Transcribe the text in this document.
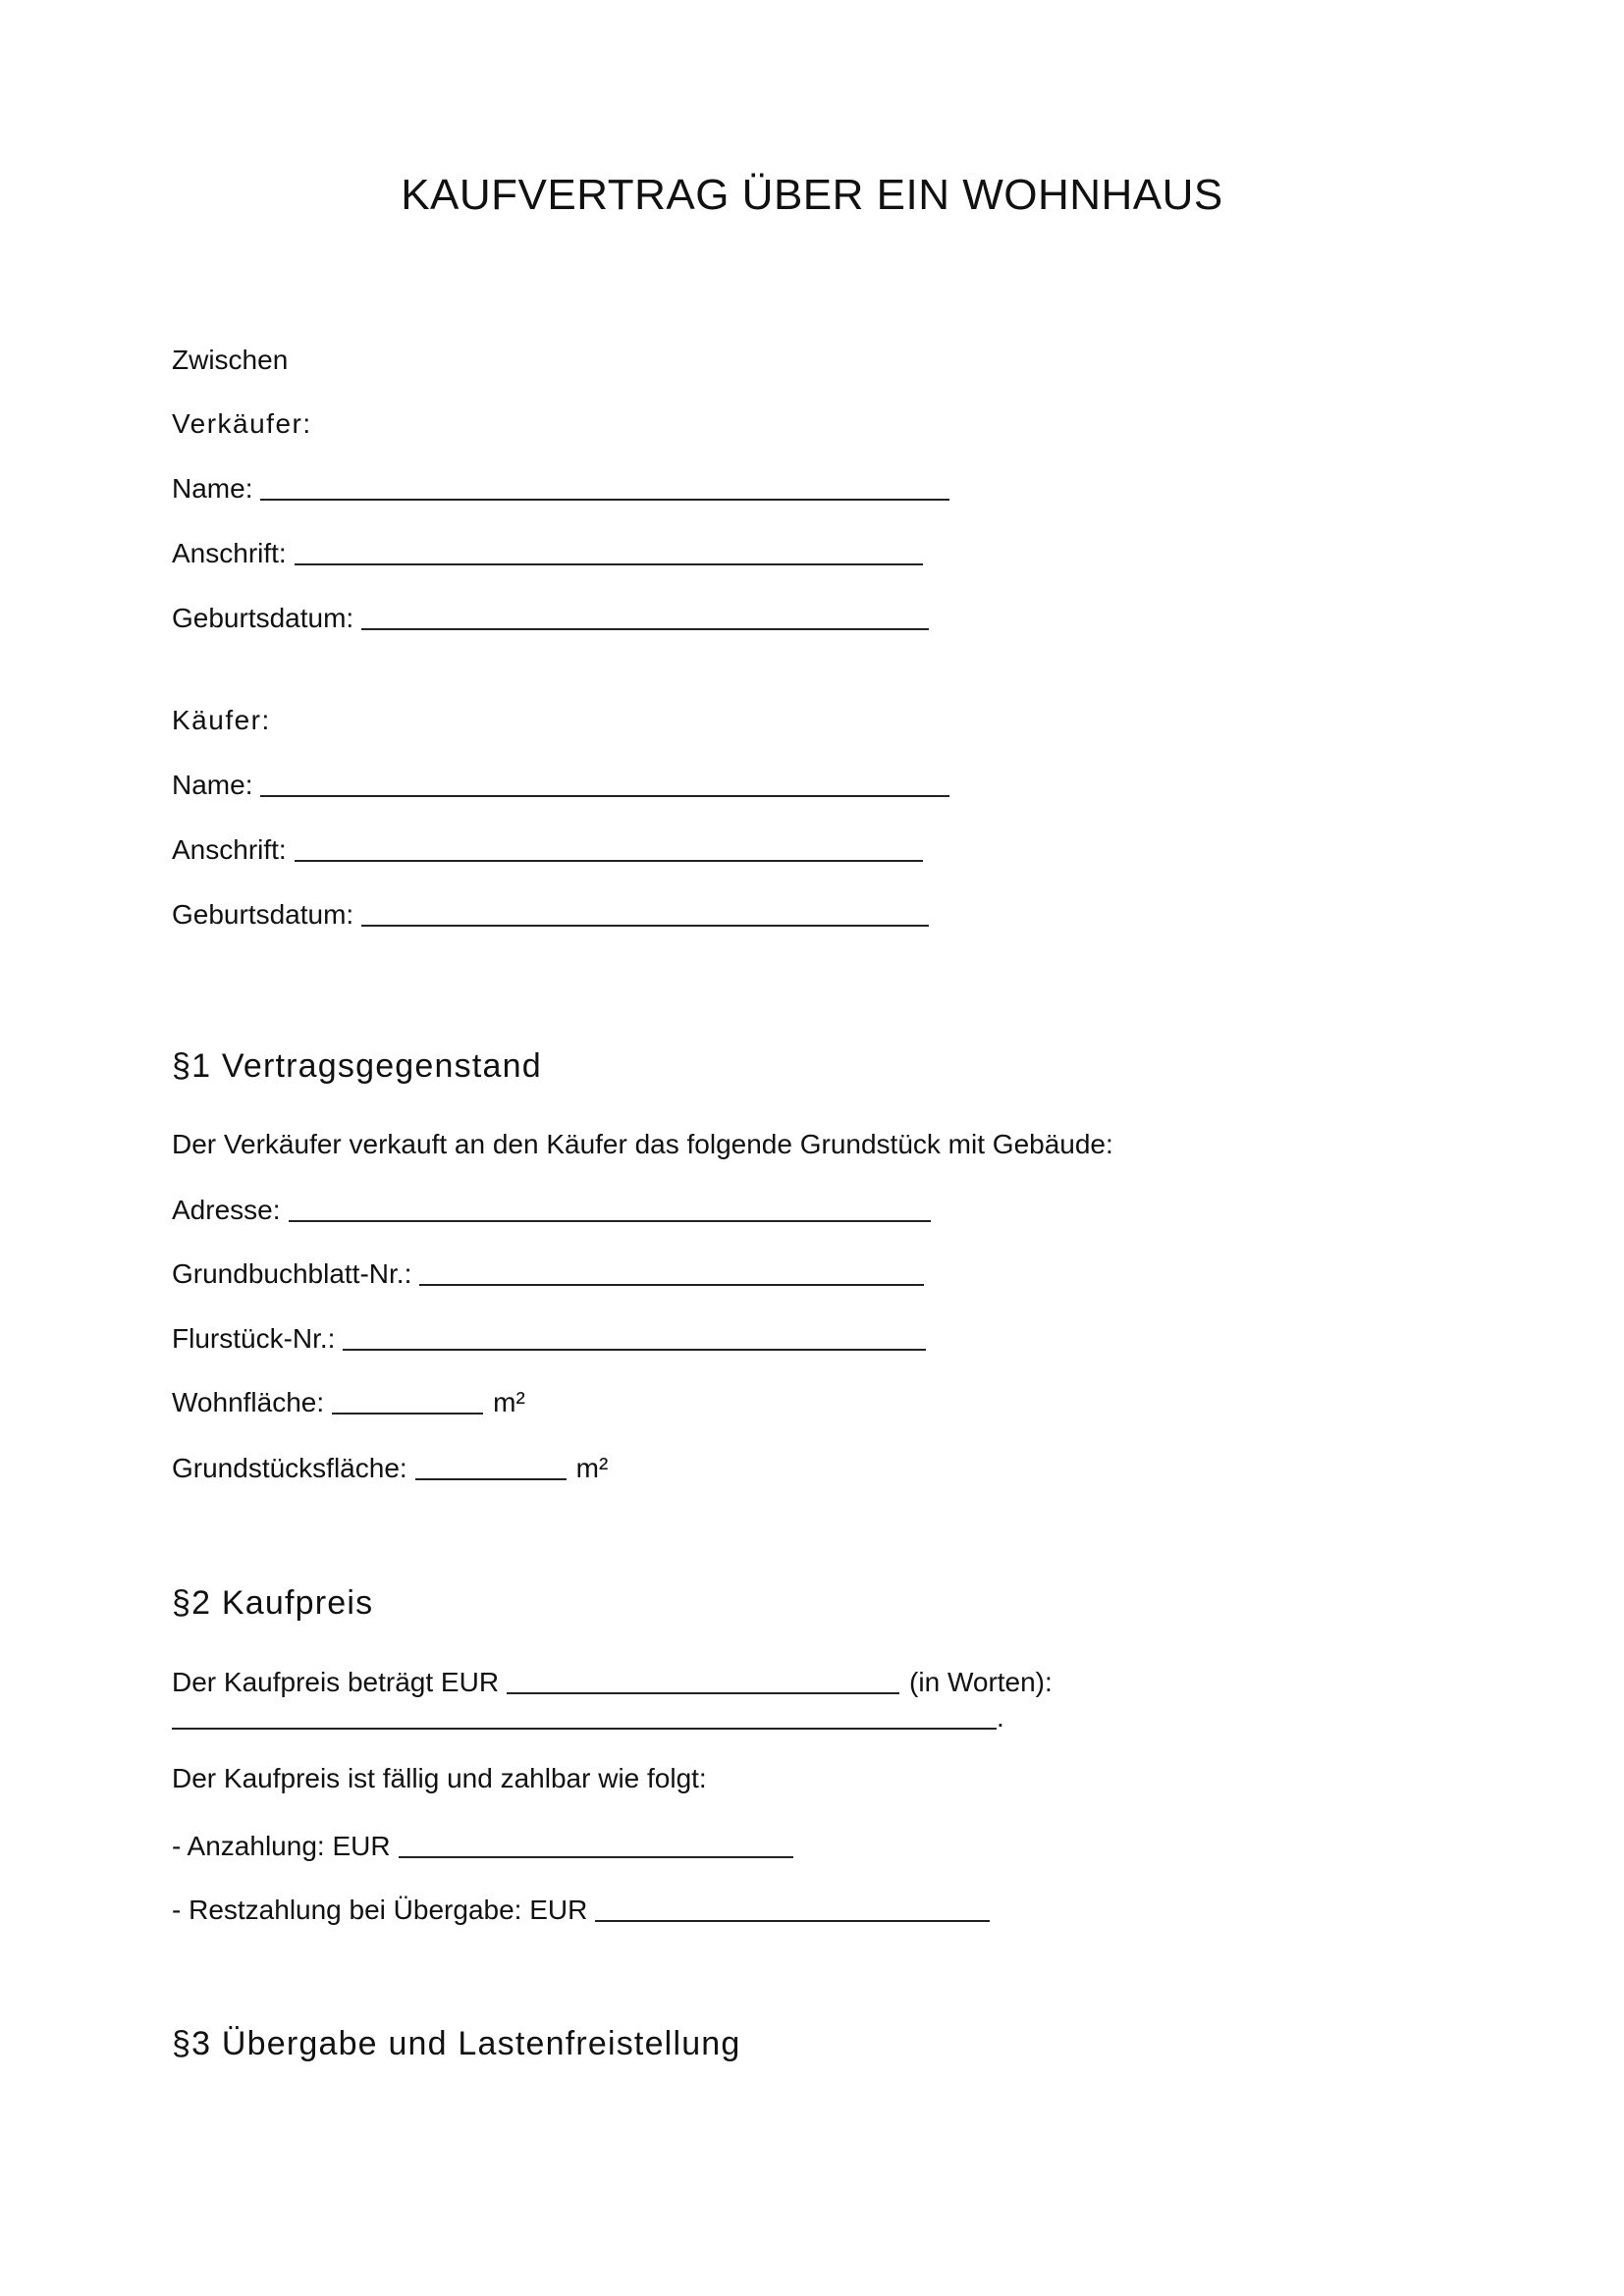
KAUFVERTRAG ÜBER EIN WOHNHAUS
Zwischen
Verkäufer:
Name:
Anschrift:
Geburtsdatum:
Käufer:
Name:
Anschrift:
Geburtsdatum:
§1 Vertragsgegenstand
Der Verkäufer verkauft an den Käufer das folgende Grundstück mit Gebäude:
Adresse:
Grundbuchblatt-Nr.:
Flurstück-Nr.:
Wohnfläche:	m²
Grundstücksfläche:	m²
§2 Kaufpreis
Der Kaufpreis beträgt EUR	(in Worten):
.
Der Kaufpreis ist fällig und zahlbar wie folgt:
- Anzahlung: EUR
- Restzahlung bei Übergabe: EUR
§3 Übergabe und Lastenfreistellung
